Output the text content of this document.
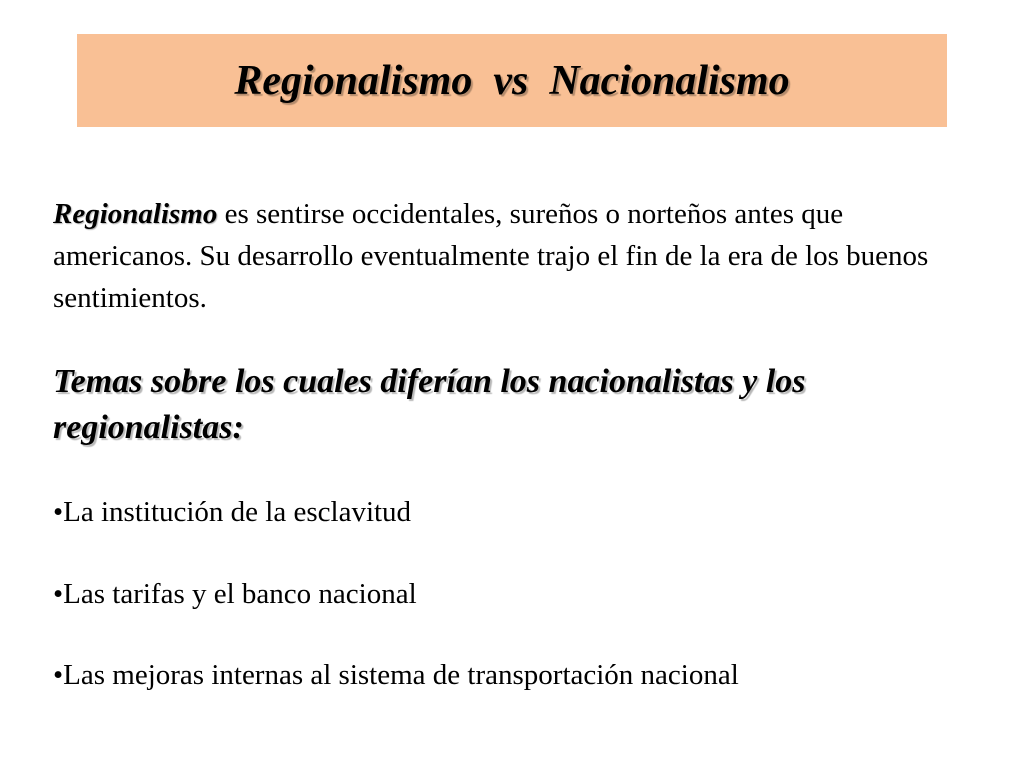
Regionalismo  vs  Nacionalismo
Regionalismo es sentirse occidentales, sureños o norteños antes que americanos. Su desarrollo eventualmente trajo el fin de la era de los buenos sentimientos.
Temas sobre los cuales diferían los nacionalistas y los regionalistas:
•La institución de la esclavitud
•Las tarifas y el banco nacional
•Las mejoras internas al sistema de transportación nacional
